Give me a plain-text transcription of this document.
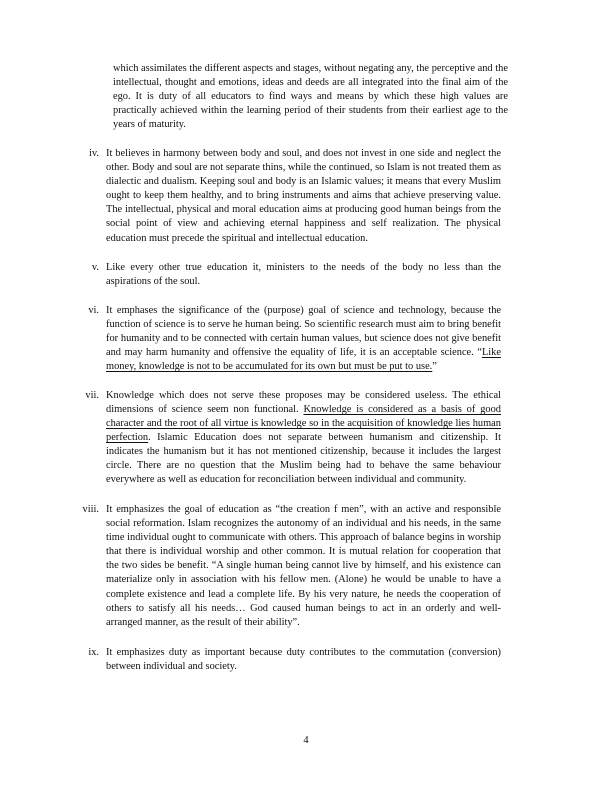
which assimilates the different aspects and stages, without negating any, the perceptive and the intellectual, thought and emotions, ideas and deeds are all integrated into the final aim of the ego. It is duty of all educators to find ways and means by which these high values are practically achieved within the learning period of their students from their earliest age to the years of maturity.

iv. It believes in harmony between body and soul, and does not invest in one side and neglect the other. Body and soul are not separate thins, while the continued, so Islam is not treated them as dialectic and dualism. Keeping soul and body is an Islamic values; it means that every Muslim ought to keep them healthy, and to bring instruments and aims that achieve preserving value. The intellectual, physical and moral education aims at producing good human beings from the social point of view and achieving eternal happiness and self realization. The physical education must precede the spiritual and intellectual education.
v. Like every other true education it, ministers to the needs of the body no less than the aspirations of the soul.
vi. It emphases the significance of the (purpose) goal of science and technology, because the function of science is to serve he human being. So scientific research must aim to bring benefit for humanity and to be connected with certain human values, but science does not give benefit and may harm humanity and offensive the equality of life, it is an acceptable science. “Like money, knowledge is not to be accumulated for its own but must be put to use.”
vii. Knowledge which does not serve these proposes may be considered useless. The ethical dimensions of science seem non functional. Knowledge is considered as a basis of good character and the root of all virtue is knowledge so in the acquisition of knowledge lies human perfection. Islamic Education does not separate between humanism and citizenship. It indicates the humanism but it has not mentioned citizenship, because it includes the largest circle. There are no question that the Muslim being had to behave the same behaviour everywhere as well as education for reconciliation between individual and community.
viii. It emphasizes the goal of education as “the creation f men”, with an active and responsible social reformation. Islam recognizes the autonomy of an individual and his needs, in the same time individual ought to communicate with others. This approach of balance begins in worship that there is individual worship and other common. It is mutual relation for cooperation that the two sides be benefit. “A single human being cannot live by himself, and his existence can materialize only in association with his fellow men. (Alone) he would be unable to have a complete existence and lead a complete life. By his very nature, he needs the cooperation of others to satisfy all his needs… God caused human beings to act in an orderly and well-arranged manner, as the result of their ability”.
ix. It emphasizes duty as important because duty contributes to the commutation (conversion) between individual and society.
4
